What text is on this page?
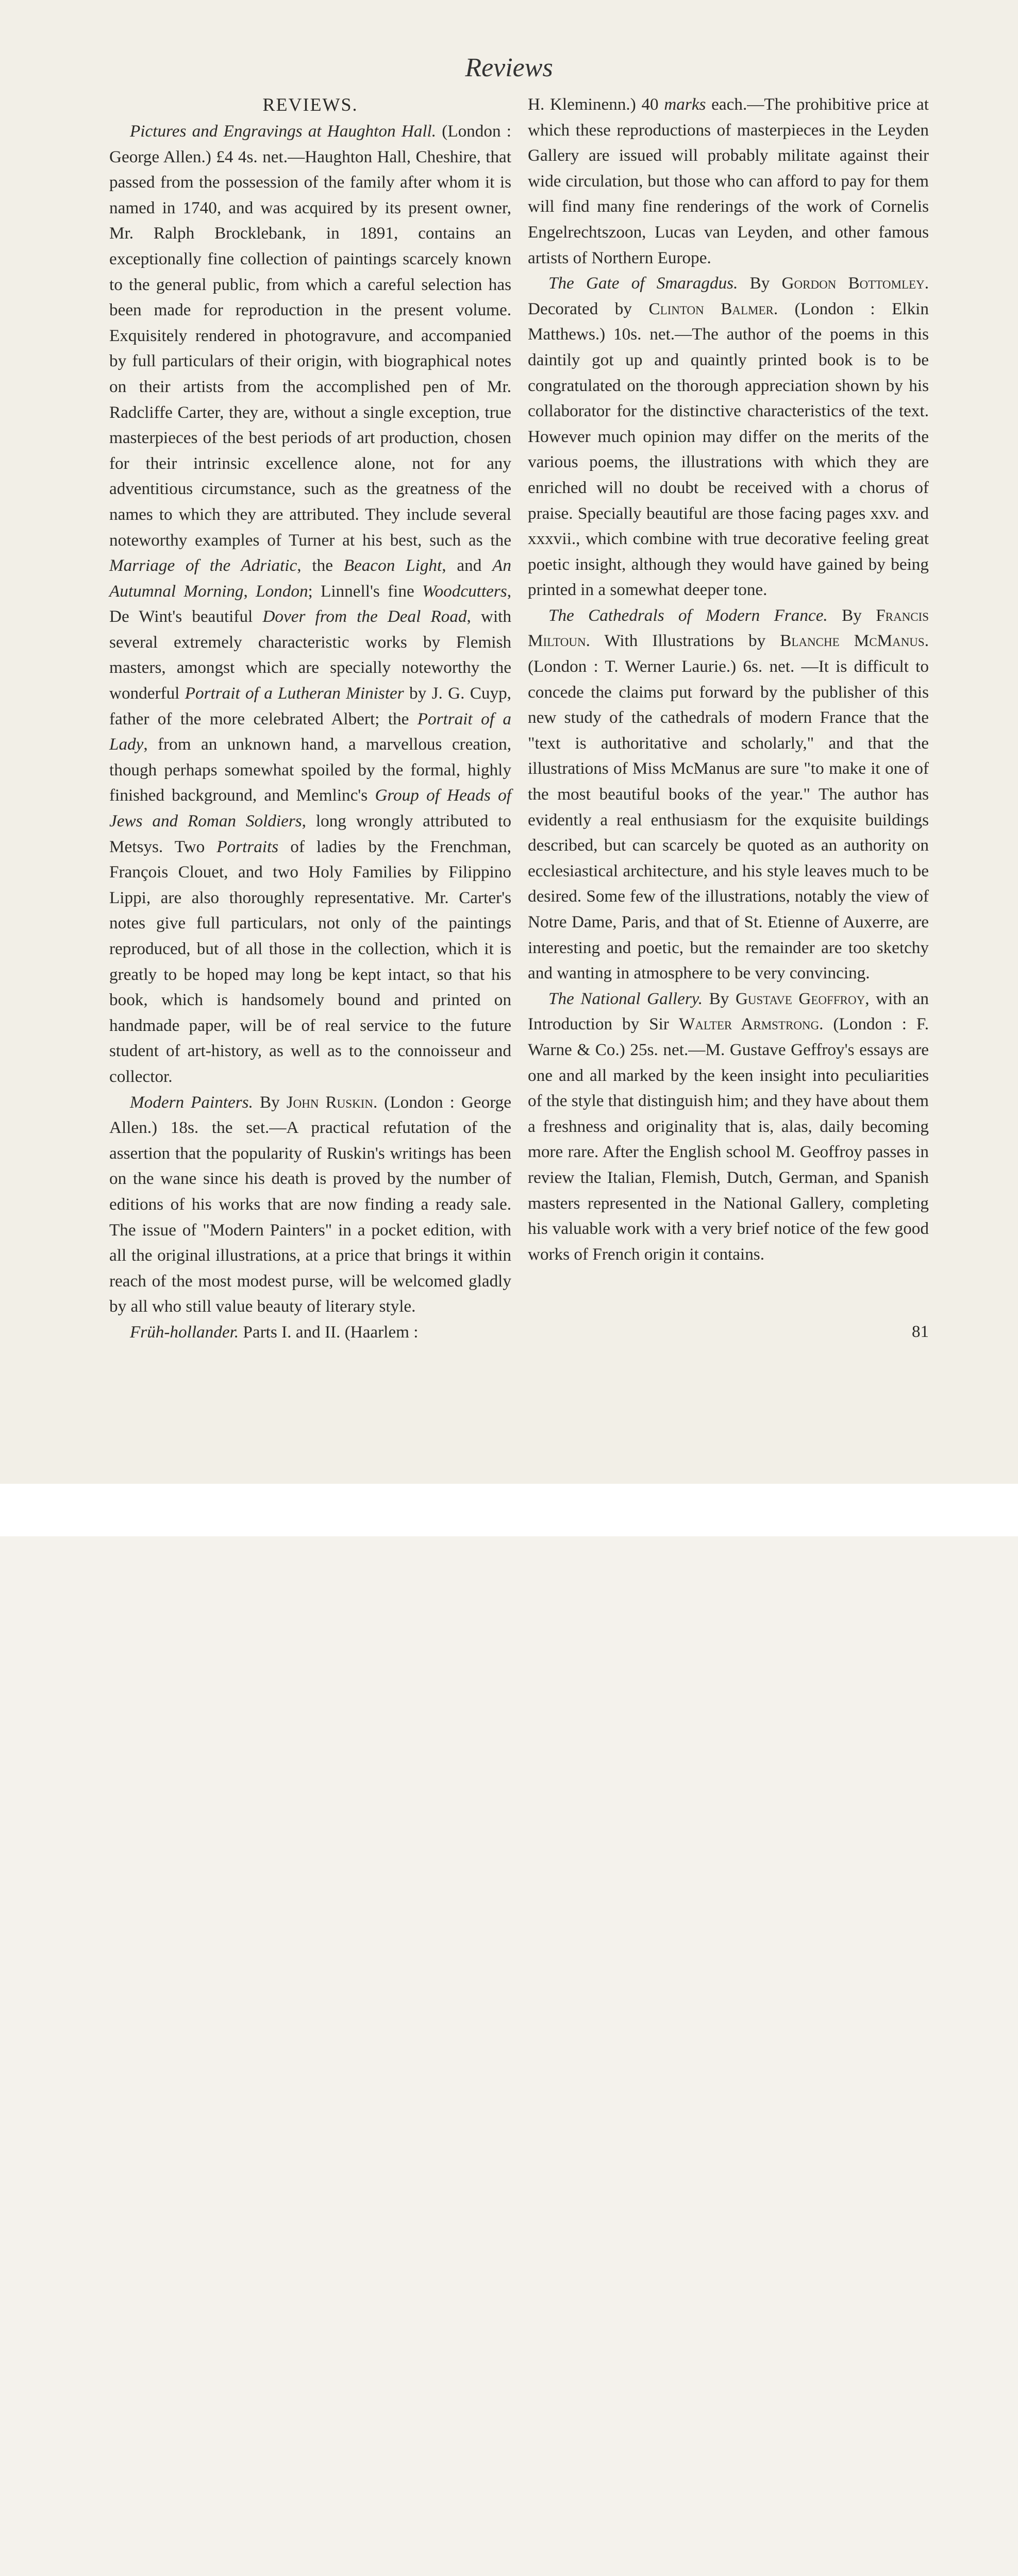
Reviews
REVIEWS.

Pictures and Engravings at Haughton Hall. (London : George Allen.) £4 4s. net.—Haughton Hall, Cheshire, that passed from the possession of the family after whom it is named in 1740, and was acquired by its present owner, Mr. Ralph Brocklebank, in 1891, contains an exceptionally fine collection of paintings scarcely known to the general public, from which a careful selection has been made for reproduction in the present volume. Exquisitely rendered in photogravure, and accompanied by full particulars of their origin, with biographical notes on their artists from the accomplished pen of Mr. Radcliffe Carter, they are, without a single exception, true masterpieces of the best periods of art production, chosen for their intrinsic excellence alone, not for any adventitious circumstance, such as the greatness of the names to which they are attributed. They include several noteworthy examples of Turner at his best, such as the Marriage of the Adriatic, the Beacon Light, and An Autumnal Morning, London; Linnell's fine Woodcutters, De Wint's beautiful Dover from the Deal Road, with several extremely characteristic works by Flemish masters, amongst which are specially noteworthy the wonderful Portrait of a Lutheran Minister by J. G. Cuyp, father of the more celebrated Albert; the Portrait of a Lady, from an unknown hand, a marvellous creation, though perhaps somewhat spoiled by the formal, highly finished background, and Memlinc's Group of Heads of Jews and Roman Soldiers, long wrongly attributed to Metsys. Two Portraits of ladies by the Frenchman, François Clouet, and two Holy Families by Filippino Lippi, are also thoroughly representative. Mr. Carter's notes give full particulars, not only of the paintings reproduced, but of all those in the collection, which it is greatly to be hoped may long be kept intact, so that his book, which is handsomely bound and printed on handmade paper, will be of real service to the future student of art-history, as well as to the connoisseur and collector.

Modern Painters. By John Ruskin. (London : George Allen.) 18s. the set.—A practical refutation of the assertion that the popularity of Ruskin's writings has been on the wane since his death is proved by the number of editions of his works that are now finding a ready sale. The issue of "Modern Painters" in a pocket edition, with all the original illustrations, at a price that brings it within reach of the most modest purse, will be welcomed gladly by all who still value beauty of literary style.

Früh-hollander. Parts I. and II. (Haarlem :

H. Kleminenn.) 40 marks each.—The prohibitive price at which these reproductions of masterpieces in the Leyden Gallery are issued will probably militate against their wide circulation, but those who can afford to pay for them will find many fine renderings of the work of Cornelis Engelrechtszoon, Lucas van Leyden, and other famous artists of Northern Europe.

The Gate of Smaragdus. By Gordon Bottomley. Decorated by Clinton Balmer. (London : Elkin Matthews.) 10s. net.—The author of the poems in this daintily got up and quaintly printed book is to be congratulated on the thorough appreciation shown by his collaborator for the distinctive characteristics of the text. However much opinion may differ on the merits of the various poems, the illustrations with which they are enriched will no doubt be received with a chorus of praise. Specially beautiful are those facing pages xxv. and xxxvii., which combine with true decorative feeling great poetic insight, although they would have gained by being printed in a somewhat deeper tone.

The Cathedrals of Modern France. By Francis Miltoun. With Illustrations by Blanche McManus. (London : T. Werner Laurie.) 6s. net. —It is difficult to concede the claims put forward by the publisher of this new study of the cathedrals of modern France that the "text is authoritative and scholarly," and that the illustrations of Miss McManus are sure "to make it one of the most beautiful books of the year." The author has evidently a real enthusiasm for the exquisite buildings described, but can scarcely be quoted as an authority on ecclesiastical architecture, and his style leaves much to be desired. Some few of the illustrations, notably the view of Notre Dame, Paris, and that of St. Etienne of Auxerre, are interesting and poetic, but the remainder are too sketchy and wanting in atmosphere to be very convincing.

The National Gallery. By Gustave Geoffroy, with an Introduction by Sir Walter Armstrong. (London : F. Warne & Co.) 25s. net.—M. Gustave Geffroy's essays are one and all marked by the keen insight into peculiarities of the style that distinguish him; and they have about them a freshness and originality that is, alas, daily becoming more rare. After the English school M. Geoffroy passes in review the Italian, Flemish, Dutch, German, and Spanish masters represented in the National Gallery, completing his valuable work with a very brief notice of the few good works of French origin it contains.

81
